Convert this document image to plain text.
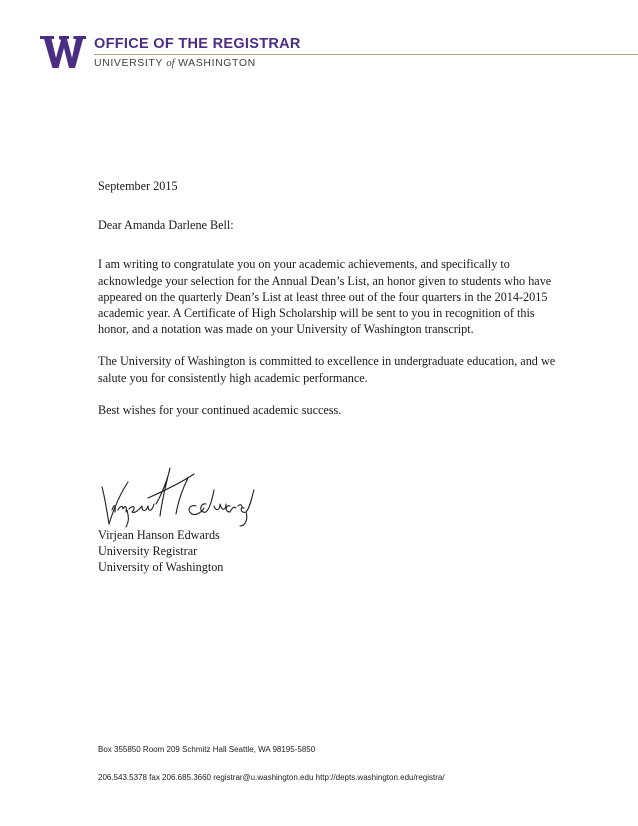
OFFICE OF THE REGISTRAR
UNIVERSITY of WASHINGTON

September 2015

Dear Amanda Darlene Bell:

I am writing to congratulate you on your academic achievements, and specifically to acknowledge your selection for the Annual Dean’s List, an honor given to students who have appeared on the quarterly Dean’s List at least three out of the four quarters in the 2014-2015 academic year. A Certificate of High Scholarship will be sent to you in recognition of this honor, and a notation was made on your University of Washington transcript.

The University of Washington is committed to excellence in undergraduate education, and we salute you for consistently high academic performance.

Best wishes for your continued academic success.

Virjean Hanson Edwards
University Registrar
University of Washington
Box 355850 Room 209 Schmitz Hall Seattle, WA 98195-5850
206.543.5378 fax 206.685.3660 registrar@u.washington.edu http://depts.washington.edu/registra/
